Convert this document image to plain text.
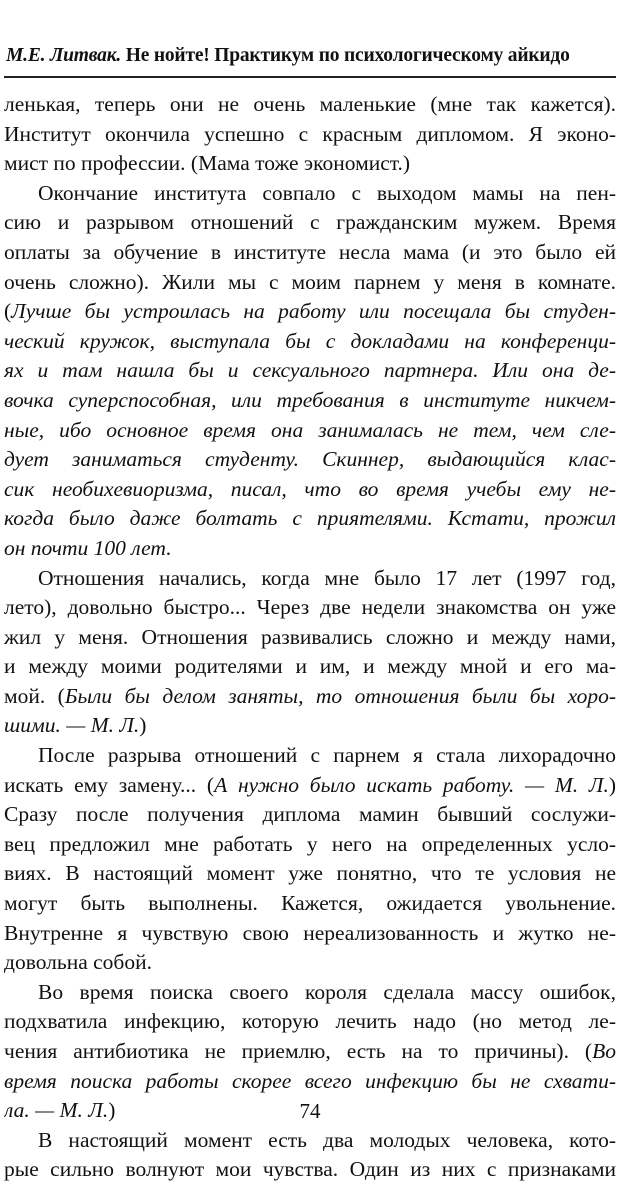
М.Е. Литвак. Не нойте! Практикум по психологическому айкидо
ленькая, теперь они не очень маленькие (мне так кажется).
Институт окончила успешно с красным дипломом. Я эконо-
мист по профессии. (Мама тоже экономист.)
Окончание института совпало с выходом мамы на пен-
сию и разрывом отношений с гражданским мужем. Время
оплаты за обучение в институте несла мама (и это было ей
очень сложно). Жили мы с моим парнем у меня в комнате.
(Лучше бы устроилась на работу или посещала бы студен-
ческий кружок, выступала бы с докладами на конференци-
ях и там нашла бы и сексуального партнера. Или она де-
вочка суперспособная, или требования в институте никчем-
ные, ибо основное время она занималась не тем, чем сле-
дует заниматься студенту. Скиннер, выдающийся клас-
сик необихевиоризма, писал, что во время учебы ему не-
когда было даже болтать с приятелями. Кстати, прожил
он почти 100 лет.
Отношения начались, когда мне было 17 лет (1997 год,
лето), довольно быстро... Через две недели знакомства он уже
жил у меня. Отношения развивались сложно и между нами,
и между моими родителями и им, и между мной и его ма-
мой. (Были бы делом заняты, то отношения были бы хоро-
шими. — М. Л.)
После разрыва отношений с парнем я стала лихорадочно
искать ему замену... (А нужно было искать работу. — М. Л.)
Сразу после получения диплома мамин бывший сослужи-
вец предложил мне работать у него на определенных усло-
виях. В настоящий момент уже понятно, что те условия не
могут быть выполнены. Кажется, ожидается увольнение.
Внутренне я чувствую свою нереализованность и жутко не-
довольна собой.
Во время поиска своего короля сделала массу ошибок,
подхватила инфекцию, которую лечить надо (но метод ле-
чения антибиотика не приемлю, есть на то причины). (Во
время поиска работы скорее всего инфекцию бы не схвати-
ла. — М. Л.)
В настоящий момент есть два молодых человека, кото-
рые сильно волнуют мои чувства. Один из них с признаками
74
